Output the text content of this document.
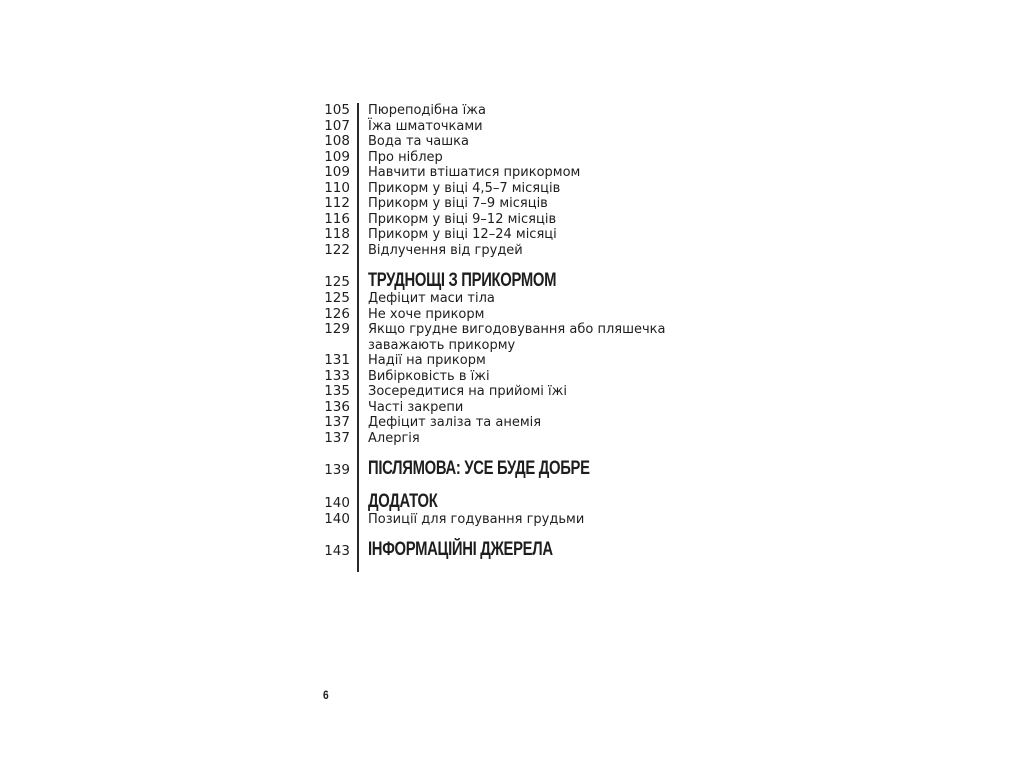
105 Пюреподібна їжа
107 Їжа шматочками
108 Вода та чашка
109 Про ніблер
109 Навчити втішатися прикормом
110 Прикорм у віці 4,5–7 місяців
112 Прикорм у віці 7–9 місяців
116 Прикорм у віці 9–12 місяців
118 Прикорм у віці 12–24 місяці
122 Відлучення від грудей
125 ТРУДНОЩІ З ПРИКОРМОМ
125 Дефіцит маси тіла
126 Не хоче прикорм
129 Якщо грудне вигодовування або пляшечка
заважають прикорму
131 Надії на прикорм
133 Вибірковість в їжі
135 Зосередитися на прийомі їжі
136 Часті закрепи
137 Дефіцит заліза та анемія
137 Алергія
139 ПІСЛЯМОВА: УСЕ БУДЕ ДОБРЕ
140 ДОДАТОК
140 Позиції для годування грудьми
143 ІНФОРМАЦІЙНІ ДЖЕРЕЛА
6
